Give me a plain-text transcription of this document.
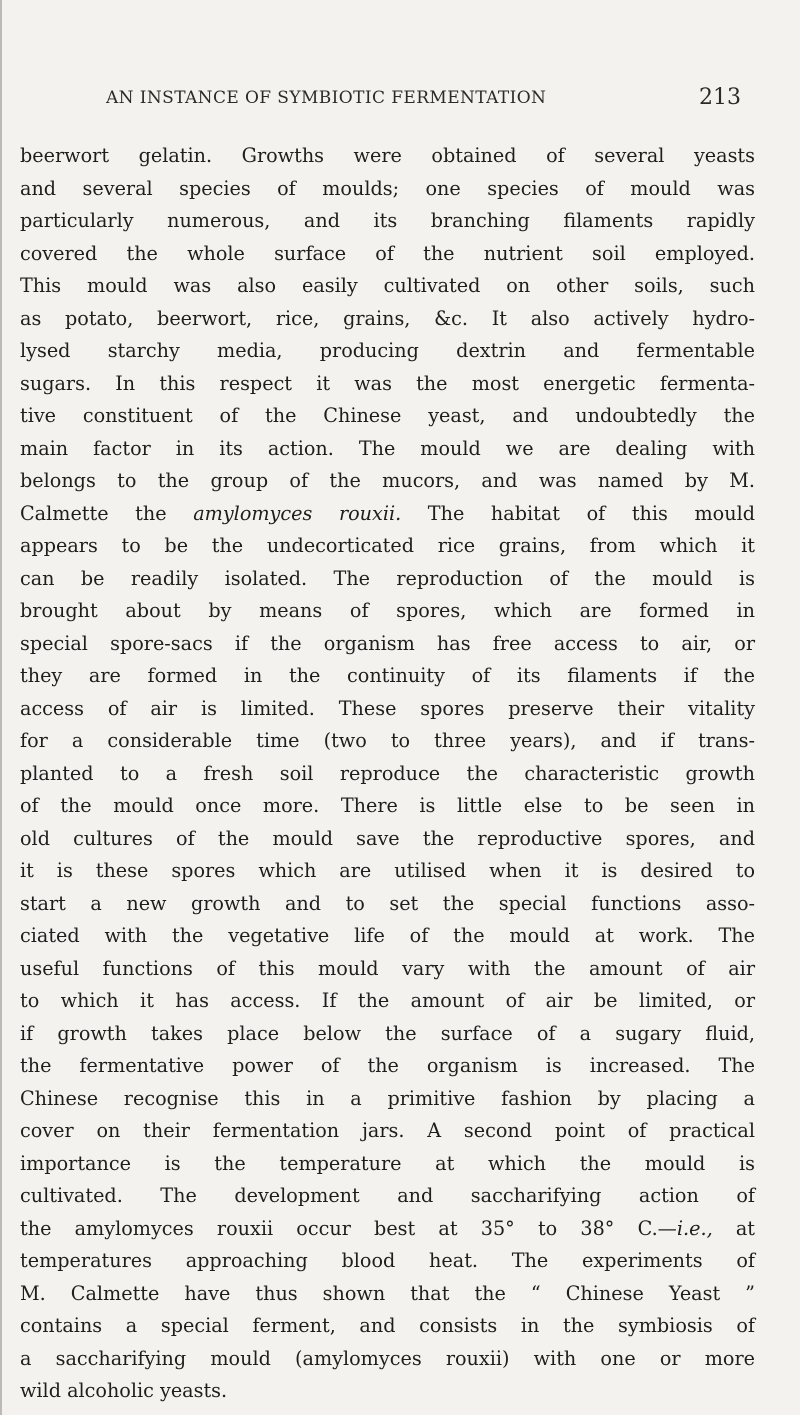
AN INSTANCE OF SYMBIOTIC FERMENTATION	213
beerwort gelatin. Growths were obtained of several yeasts
and several species of moulds; one species of mould was
particularly numerous, and its branching filaments rapidly
covered the whole surface of the nutrient soil employed.
This mould was also easily cultivated on other soils, such
as potato, beerwort, rice, grains, &c. It also actively hydro-
lysed starchy media, producing dextrin and fermentable
sugars. In this respect it was the most energetic fermenta-
tive constituent of the Chinese yeast, and undoubtedly the
main factor in its action. The mould we are dealing with
belongs to the group of the mucors, and was named by M.
Calmette the amylomyces rouxii. The habitat of this mould
appears to be the undecorticated rice grains, from which it
can be readily isolated. The reproduction of the mould is
brought about by means of spores, which are formed in
special spore-sacs if the organism has free access to air, or
they are formed in the continuity of its filaments if the
access of air is limited. These spores preserve their vitality
for a considerable time (two to three years), and if trans-
planted to a fresh soil reproduce the characteristic growth
of the mould once more. There is little else to be seen in
old cultures of the mould save the reproductive spores, and
it is these spores which are utilised when it is desired to
start a new growth and to set the special functions asso-
ciated with the vegetative life of the mould at work. The
useful functions of this mould vary with the amount of air
to which it has access. If the amount of air be limited, or
if growth takes place below the surface of a sugary fluid,
the fermentative power of the organism is increased. The
Chinese recognise this in a primitive fashion by placing a
cover on their fermentation jars. A second point of practical
importance is the temperature at which the mould is
cultivated. The development and saccharifying action of
the amylomyces rouxii occur best at 35° to 38° C.—i.e., at
temperatures approaching blood heat. The experiments of
M. Calmette have thus shown that the “ Chinese Yeast ”
contains a special ferment, and consists in the symbiosis of
a saccharifying mould (amylomyces rouxii) with one or more
wild alcoholic yeasts.
